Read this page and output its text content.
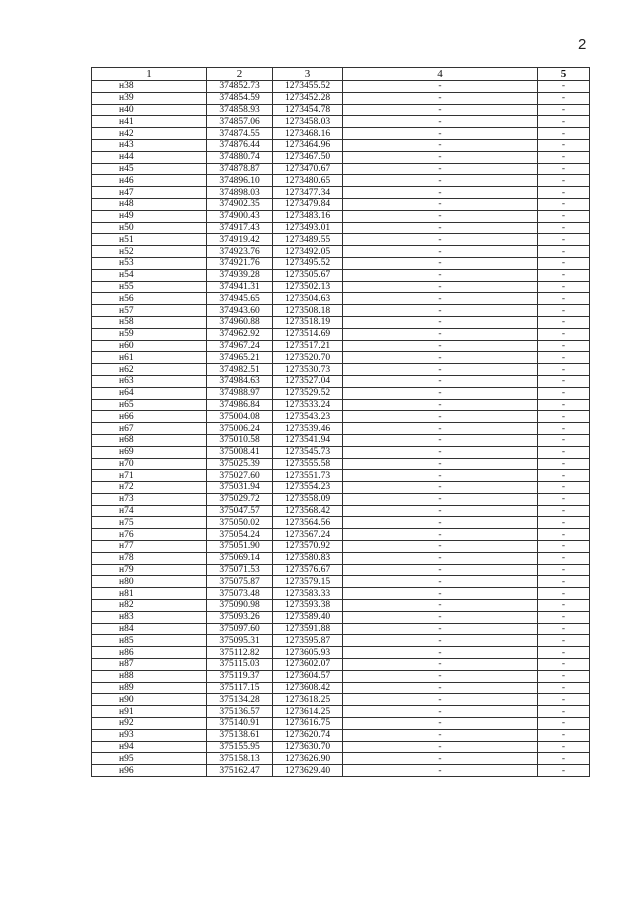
2
1	2	3	4	5
н38	374852.73	1273455.52	-	-
н39	374854.59	1273452.28	-	-
н40	374858.93	1273454.78	-	-
н41	374857.06	1273458.03	-	-
н42	374874.55	1273468.16	-	-
н43	374876.44	1273464.96	-	-
н44	374880.74	1273467.50	-	-
н45	374878.87	1273470.67	-	-
н46	374896.10	1273480.65	-	-
н47	374898.03	1273477.34	-	-
н48	374902.35	1273479.84	-	-
н49	374900.43	1273483.16	-	-
н50	374917.43	1273493.01	-	-
н51	374919.42	1273489.55	-	-
н52	374923.76	1273492.05	-	-
н53	374921.76	1273495.52	-	-
н54	374939.28	1273505.67	-	-
н55	374941.31	1273502.13	-	-
н56	374945.65	1273504.63	-	-
н57	374943.60	1273508.18	-	-
н58	374960.88	1273518.19	-	-
н59	374962.92	1273514.69	-	-
н60	374967.24	1273517.21	-	-
н61	374965.21	1273520.70	-	-
н62	374982.51	1273530.73	-	-
н63	374984.63	1273527.04	-	-
н64	374988.97	1273529.52	-	-
н65	374986.84	1273533.24	-	-
н66	375004.08	1273543.23	-	-
н67	375006.24	1273539.46	-	-
н68	375010.58	1273541.94	-	-
н69	375008.41	1273545.73	-	-
н70	375025.39	1273555.58	-	-
н71	375027.60	1273551.73	-	-
н72	375031.94	1273554.23	-	-
н73	375029.72	1273558.09	-	-
н74	375047.57	1273568.42	-	-
н75	375050.02	1273564.56	-	-
н76	375054.24	1273567.24	-	-
н77	375051.90	1273570.92	-	-
н78	375069.14	1273580.83	-	-
н79	375071.53	1273576.67	-	-
н80	375075.87	1273579.15	-	-
н81	375073.48	1273583.33	-	-
н82	375090.98	1273593.38	-	-
н83	375093.26	1273589.40	-	-
н84	375097.60	1273591.88	-	-
н85	375095.31	1273595.87	-	-
н86	375112.82	1273605.93	-	-
н87	375115.03	1273602.07	-	-
н88	375119.37	1273604.57	-	-
н89	375117.15	1273608.42	-	-
н90	375134.28	1273618.25	-	-
н91	375136.57	1273614.25	-	-
н92	375140.91	1273616.75	-	-
н93	375138.61	1273620.74	-	-
н94	375155.95	1273630.70	-	-
н95	375158.13	1273626.90	-	-
н96	375162.47	1273629.40	-	-
